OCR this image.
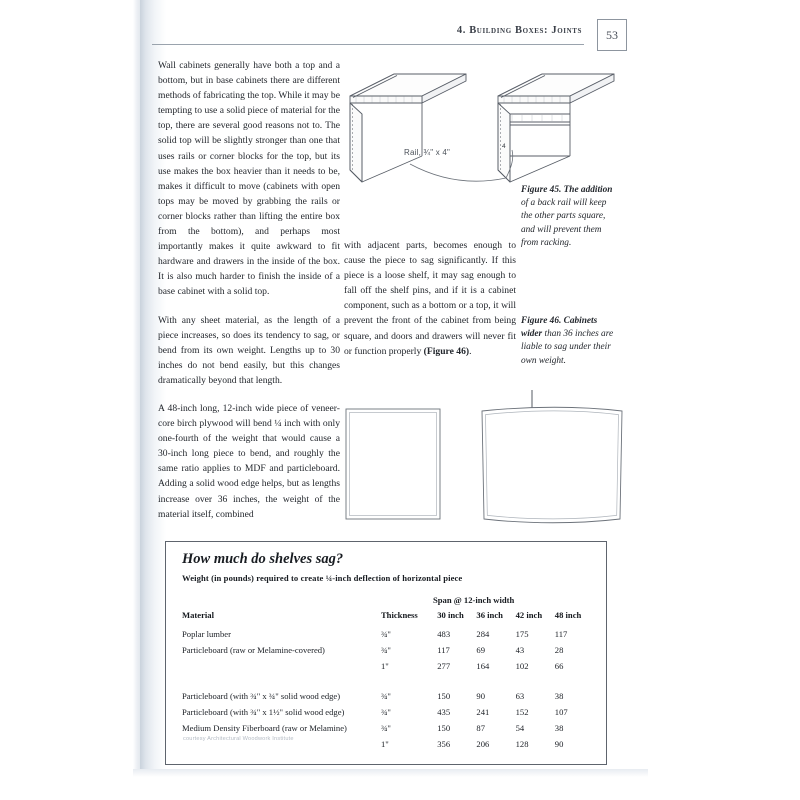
4. Building Boxes: Joints	53
4
Rail, ¾" x 4"
Figure 45. The addition of a back rail will keep the other parts square, and will prevent them from racking.
Figure 46. Cabinets wider than 36 inches are liable to sag under their own weight.

Wall cabinets generally have both a top and a bottom, but in base cabinets there are different methods of fabricating the top. While it may be tempting to use a solid piece of material for the top, there are several good reasons not to. The solid top will be slightly stronger than one that uses rails or corner blocks for the top, but its use makes the box heavier than it needs to be, makes it difficult to move (cabinets with open tops may be moved by grabbing the rails or corner blocks rather than lifting the entire box from the bottom), and perhaps most importantly makes it quite awkward to fit hardware and drawers in the inside of the box. It is also much harder to finish the inside of a base cabinet with a solid top.

With any sheet material, as the length of a piece increases, so does its tendency to sag, or bend from its own weight. Lengths up to 30 inches do not bend easily, but this changes dramatically beyond that length.

A 48-inch long, 12-inch wide piece of veneer-core birch plywood will bend ¼ inch with only one-fourth of the weight that would cause a 30-inch long piece to bend, and roughly the same ratio applies to MDF and particleboard. Adding a solid wood edge helps, but as lengths increase over 36 inches, the weight of the material itself, combined

with adjacent parts, becomes enough to cause the piece to sag significantly. If this piece is a loose shelf, it may sag enough to fall off the shelf pins, and if it is a cabinet component, such as a bottom or a top, it will prevent the front of the cabinet from being square, and doors and drawers will never fit or function properly (Figure 46).

How much do shelves sag?
Weight (in pounds) required to create ¼-inch deflection of horizontal piece
Span @ 12-inch width
Material	Thickness	30 inch	36 inch	42 inch	48 inch
Poplar lumber	¾"	483	284	175	117
Particleboard (raw or Melamine-covered)	¾"	117	69	43	28
	1"	277	164	102	66

Particleboard (with ¾" x ¾" solid wood edge)	¾"	150	90	63	38
Particleboard (with ¾" x 1½" solid wood edge)	¾"	435	241	152	107
Medium Density Fiberboard (raw or Melamine)	¾"	150	87	54	38
	1"	356	206	128	90
courtesy Architectural Woodwork Institute
